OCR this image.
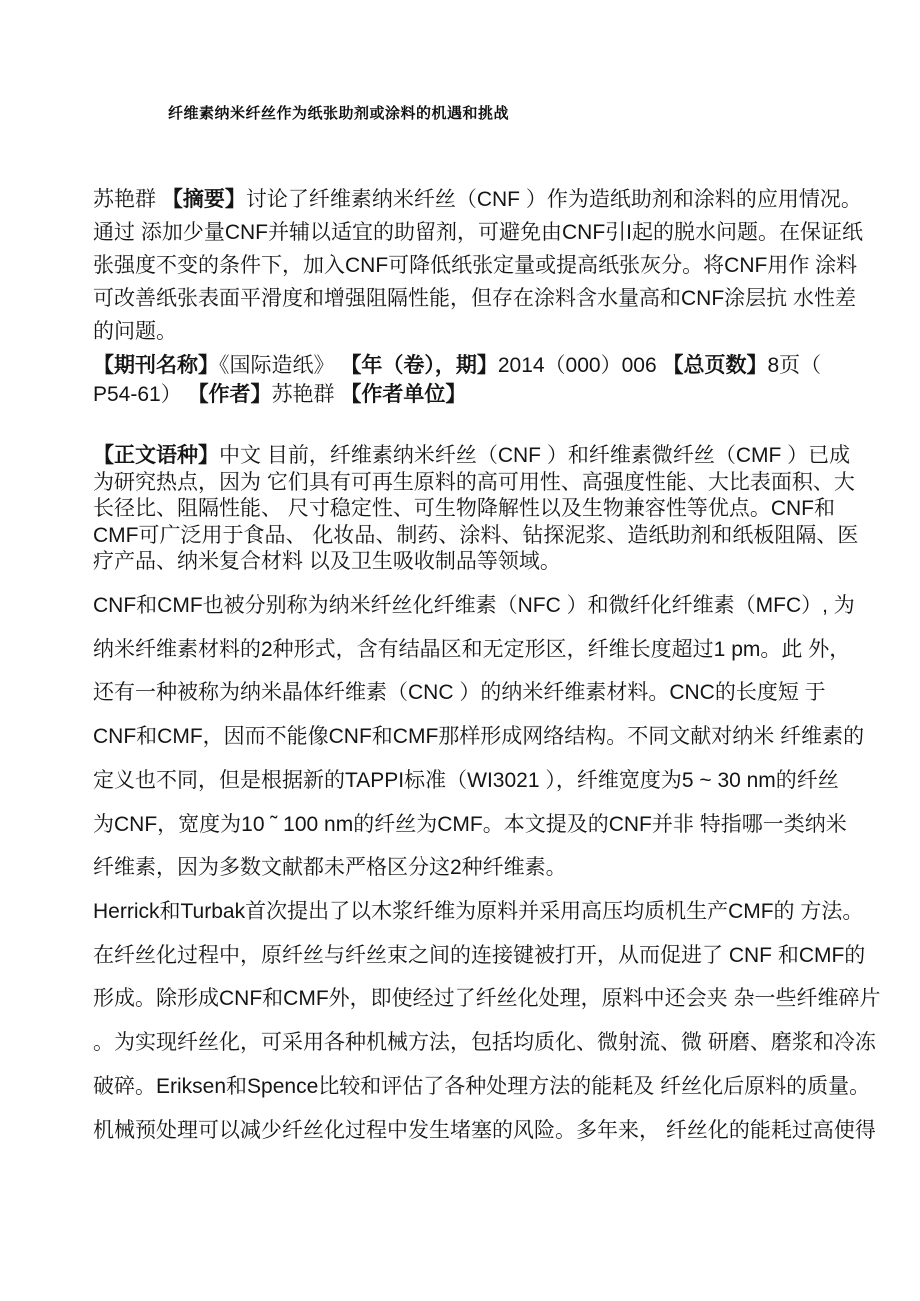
纤维素纳米纤丝作为纸张助剂或涂料的机遇和挑战
苏艳群 【摘要】讨论了纤维素纳米纤丝（CNF ）作为造纸助剂和涂料的应用情况。
通过 添加少量CNF并辅以适宜的助留剂，可避免由CNF引I起的脱水问题。在保证纸
张强度不变的条件下，加入CNF可降低纸张定量或提高纸张灰分。将CNF用作 涂料
可改善纸张表面平滑度和增强阻隔性能，但存在涂料含水量高和CNF涂层抗 水性差
的问题。
【期刊名称】《国际造纸》 【年（卷），期】2014（000）006 【总页数】8页（
P54-61） 【作者】苏艳群 【作者单位】
【正文语种】中文 目前，纤维素纳米纤丝（CNF ）和纤维素微纤丝（CMF ）已成
为研究热点，因为 它们具有可再生原料的高可用性、高强度性能、大比表面积、大
长径比、阻隔性能、 尺寸稳定性、可生物降解性以及生物兼容性等优点。CNF和
CMF可广泛用于食品、 化妆品、制药、涂料、钻探泥浆、造纸助剂和纸板阻隔、医
疗产品、纳米复合材料 以及卫生吸收制品等领域。
CNF和CMF也被分别称为纳米纤丝化纤维素（NFC ）和微纤化纤维素（MFC）, 为
纳米纤维素材料的2种形式，含有结晶区和无定形区，纤维长度超过1 pm。此 外，
还有一种被称为纳米晶体纤维素（CNC ）的纳米纤维素材料。CNC的长度短 于
CNF和CMF，因而不能像CNF和CMF那样形成网络结构。不同文献对纳米 纤维素的
定义也不同，但是根据新的TAPPI标准（WI3021 ），纤维宽度为5 ~ 30 nm的纤丝
为CNF，宽度为10 ˜ 100 nm的纤丝为CMF。本文提及的CNF并非 特指哪一类纳米
纤维素，因为多数文献都未严格区分这2种纤维素。
Herrick和Turbak首次提出了以木浆纤维为原料并采用高压均质机生产CMF的 方法。
在纤丝化过程中，原纤丝与纤丝束之间的连接键被打开，从而促进了 CNF 和CMF的
形成。除形成CNF和CMF外，即使经过了纤丝化处理，原料中还会夹 杂一些纤维碎片
。为实现纤丝化，可采用各种机械方法，包括均质化、微射流、微 研磨、磨浆和冷冻
破碎。Eriksen和Spence比较和评估了各种处理方法的能耗及 纤丝化后原料的质量。
机械预处理可以减少纤丝化过程中发生堵塞的风险。多年来， 纤丝化的能耗过高使得
